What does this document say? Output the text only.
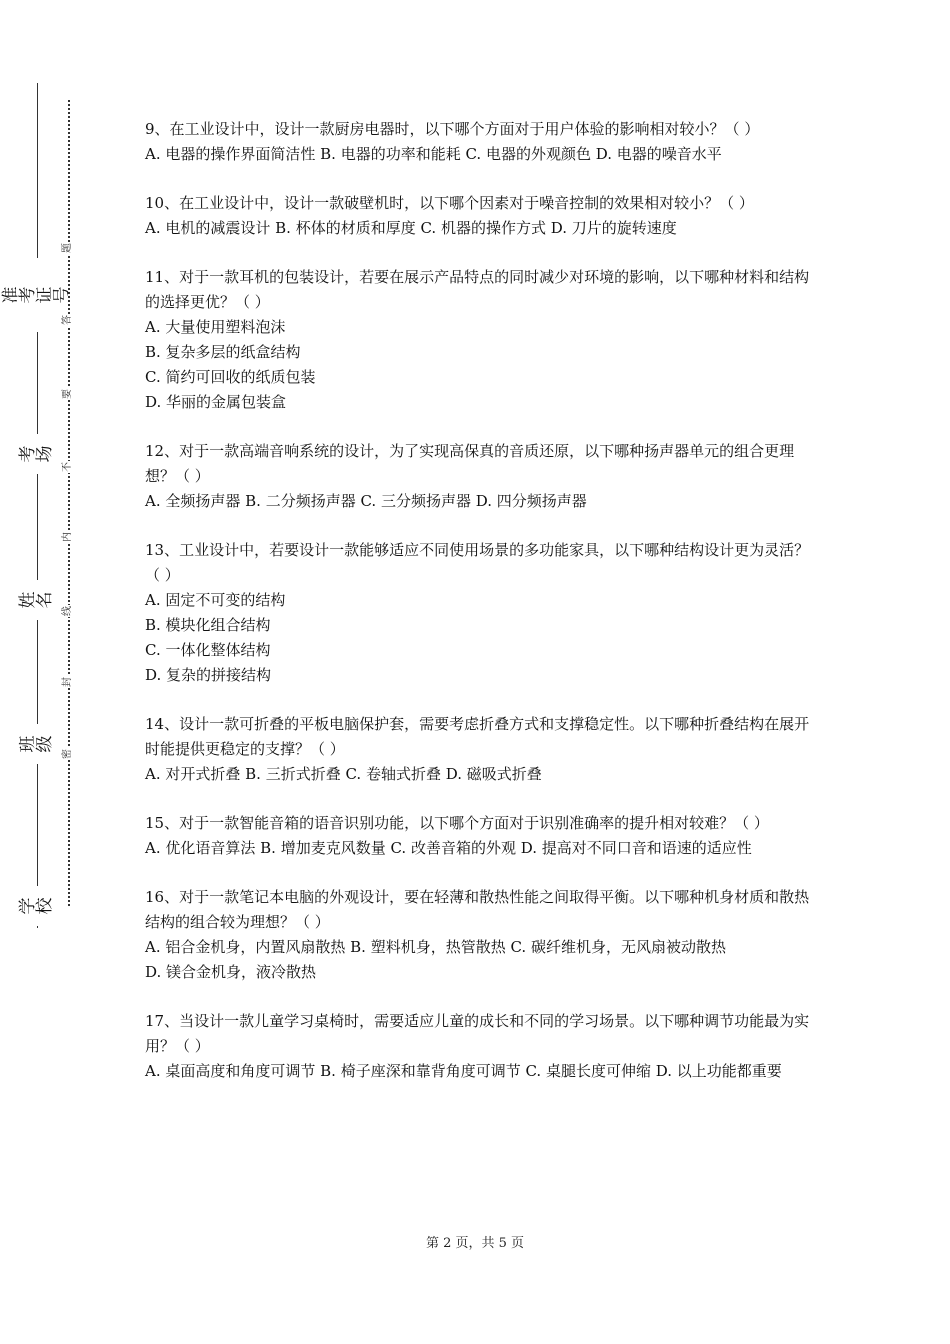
准考证号
考场
姓名
班级
学校
题
答
要
不
内
线
封
密

9、在工业设计中，设计一款厨房电器时，以下哪个方面对于用户体验的影响相对较小？（ ）

A. 电器的操作界面简洁性 B. 电器的功率和能耗 C. 电器的外观颜色 D. 电器的噪音水平

10、在工业设计中，设计一款破壁机时，以下哪个因素对于噪音控制的效果相对较小？（ ）

A. 电机的减震设计 B. 杯体的材质和厚度 C. 机器的操作方式 D. 刀片的旋转速度

11、对于一款耳机的包装设计，若要在展示产品特点的同时减少对环境的影响，以下哪种材料和结构的选择更优？（ ）

A. 大量使用塑料泡沫

B. 复杂多层的纸盒结构

C. 简约可回收的纸质包装

D. 华丽的金属包装盒

12、对于一款高端音响系统的设计，为了实现高保真的音质还原，以下哪种扬声器单元的组合更理想？（ ）

A. 全频扬声器 B. 二分频扬声器 C. 三分频扬声器 D. 四分频扬声器

13、工业设计中，若要设计一款能够适应不同使用场景的多功能家具，以下哪种结构设计更为灵活？（ ）

A. 固定不可变的结构

B. 模块化组合结构

C. 一体化整体结构

D. 复杂的拼接结构

14、设计一款可折叠的平板电脑保护套，需要考虑折叠方式和支撑稳定性。以下哪种折叠结构在展开时能提供更稳定的支撑？（ ）

A. 对开式折叠 B. 三折式折叠 C. 卷轴式折叠 D. 磁吸式折叠

15、对于一款智能音箱的语音识别功能，以下哪个方面对于识别准确率的提升相对较难？（ ）

A. 优化语音算法 B. 增加麦克风数量 C. 改善音箱的外观 D. 提高对不同口音和语速的适应性

16、对于一款笔记本电脑的外观设计，要在轻薄和散热性能之间取得平衡。以下哪种机身材质和散热结构的组合较为理想？（ ）

A. 铝合金机身，内置风扇散热 B. 塑料机身，热管散热 C. 碳纤维机身，无风扇被动散热

D. 镁合金机身，液冷散热

17、当设计一款儿童学习桌椅时，需要适应儿童的成长和不同的学习场景。以下哪种调节功能最为实用？（ ）

A. 桌面高度和角度可调节 B. 椅子座深和靠背角度可调节 C. 桌腿长度可伸缩 D. 以上功能都重要

第 2 页，共 5 页
